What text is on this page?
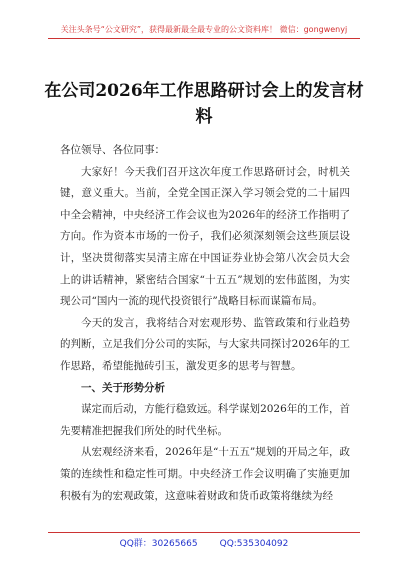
关注头条号“公文研究”，获得最新最全最专业的公文资料库！ 微信：gongwenyj
在公司2026年工作思路研讨会上的发言材料

各位领导、各位同事：

大家好！今天我们召开这次年度工作思路研讨会，时机关键，意义重大。当前，全党全国正深入学习领会党的二十届四中全会精神，中央经济工作会议也为2026年的经济工作指明了方向。作为资本市场的一份子，我们必须深刻领会这些顶层设计，坚决贯彻落实吴清主席在中国证券业协会第八次会员大会上的讲话精神，紧密结合国家“十五五”规划的宏伟蓝图，为实现公司“国内一流的现代投资银行”战略目标而谋篇布局。

今天的发言，我将结合对宏观形势、监管政策和行业趋势的判断，立足我们分公司的实际，与大家共同探讨2026年的工作思路，希望能抛砖引玉，激发更多的思考与智慧。

一、关于形势分析

谋定而后动，方能行稳致远。科学谋划2026年的工作，首先要精准把握我们所处的时代坐标。

从宏观经济来看，2026年是“十五五”规划的开局之年，政策的连续性和稳定性可期。中央经济工作会议明确了实施更加积极有为的宏观政策，这意味着财政和货币政策将继续为经

QQ群：30265665 QQ:535304092
